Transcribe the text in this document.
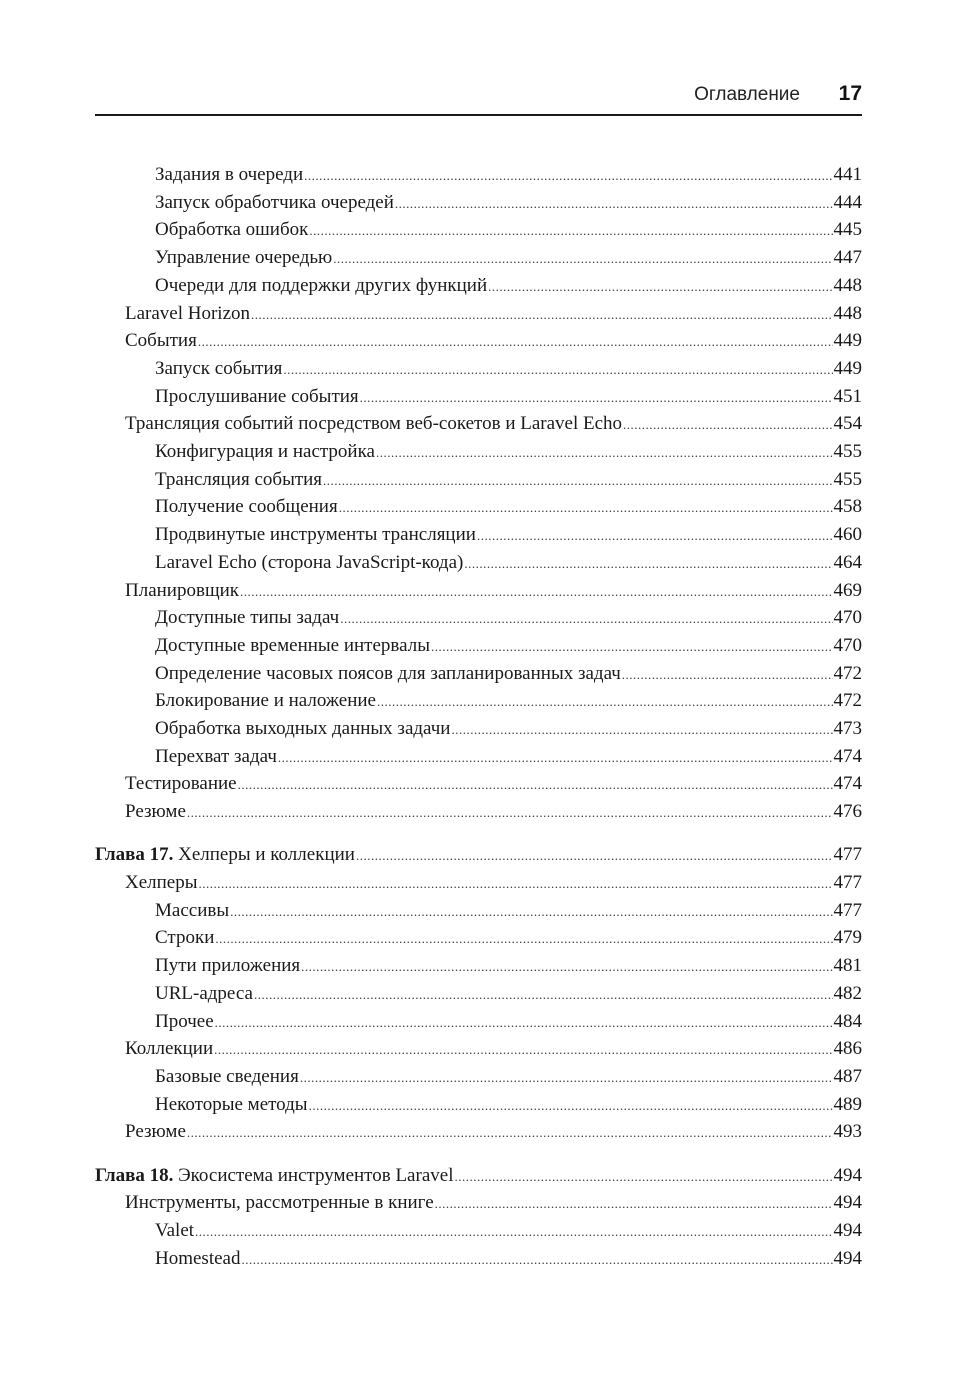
Оглавление 17
Задания в очереди .....	441
Запуск обработчика очередей .....	444
Обработка ошибок .....	445
Управление очередью .....	447
Очереди для поддержки других функций .....	448
Laravel Horizon .....	448
События .....	449
Запуск события .....	449
Прослушивание события .....	451
Трансляция событий посредством веб-сокетов и Laravel Echo .....	454
Конфигурация и настройка .....	455
Трансляция события .....	455
Получение сообщения .....	458
Продвинутые инструменты трансляции .....	460
Laravel Echo (сторона JavaScript-кода) .....	464
Планировщик .....	469
Доступные типы задач .....	470
Доступные временные интервалы .....	470
Определение часовых поясов для запланированных задач .....	472
Блокирование и наложение .....	472
Обработка выходных данных задачи .....	473
Перехват задач .....	474
Тестирование .....	474
Резюме .....	476
Глава 17. Хелперы и коллекции .....	477
Хелперы .....	477
Массивы .....	477
Строки .....	479
Пути приложения .....	481
URL-адреса .....	482
Прочее .....	484
Коллекции .....	486
Базовые сведения .....	487
Некоторые методы .....	489
Резюме .....	493
Глава 18. Экосистема инструментов Laravel .....	494
Инструменты, рассмотренные в книге .....	494
Valet .....	494
Homestead .....	494
